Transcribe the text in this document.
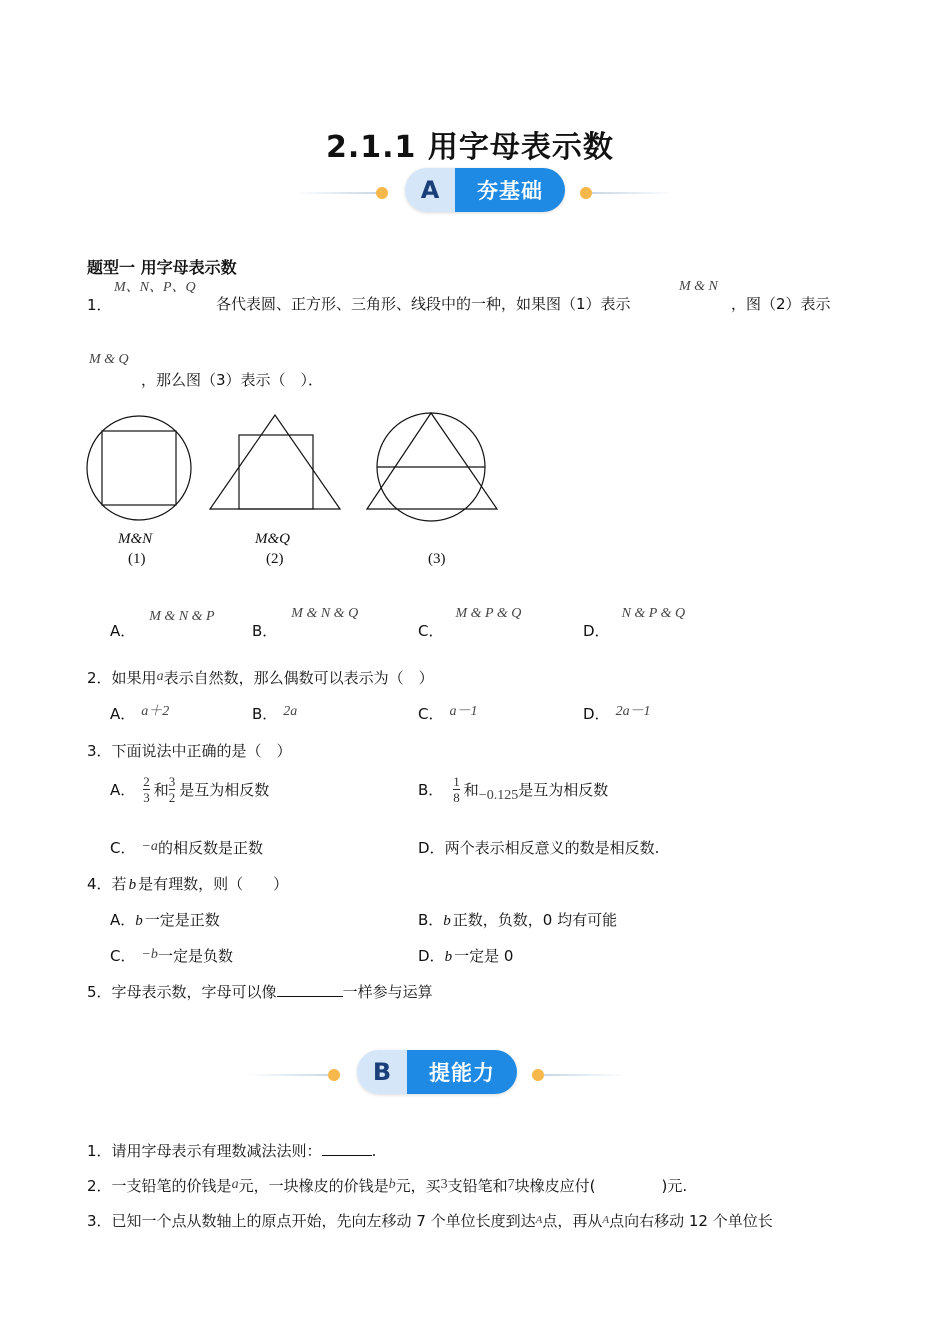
2.1.1 用字母表示数
A	夯基础
题型一 用字母表示数
1．
M、N、P、Q
各代表圆、正方形、三角形、线段中的一种，如果图（1）表示
M & N
，图（2）表示
M & Q
，那么图（3）表示（　）．
M&N
(1)
M&Q
(2)	(3)
A．M & N & P
B．M & N & Q
C．M & P & Q
D．N & P & Q
2．如果用a表示自然数，那么偶数可以表示为（　）
A． a＋2	B． 2a	C． a－1	D． 2a－1
3．下面说法中正确的是（　）
A． $\frac{2}{3}$ 和 $\frac{3}{2}$ 是互为相反数	B． $\frac{1}{8}$ 和 −0.125 是互为相反数
C． −a的相反数是正数	D．两个表示相反意义的数是相反数.
4．若 b 是有理数，则（　　）
A．b 一定是正数	B．b 正数，负数，0 均有可能
C． −b一定是负数	D．b 一定是 0
5．字母表示数，字母可以像	一样参与运算
B	提能力
1．请用字母表示有理数减法法则：	.
2．一支铅笔的价钱是a元，一块橡皮的价钱是b元，买3支铅笔和7块橡皮应付(	)元.
3．已知一个点从数轴上的原点开始，先向左移动 7 个单位长度到达$^A$点，再从$^A$点向右移动 12 个单位长
